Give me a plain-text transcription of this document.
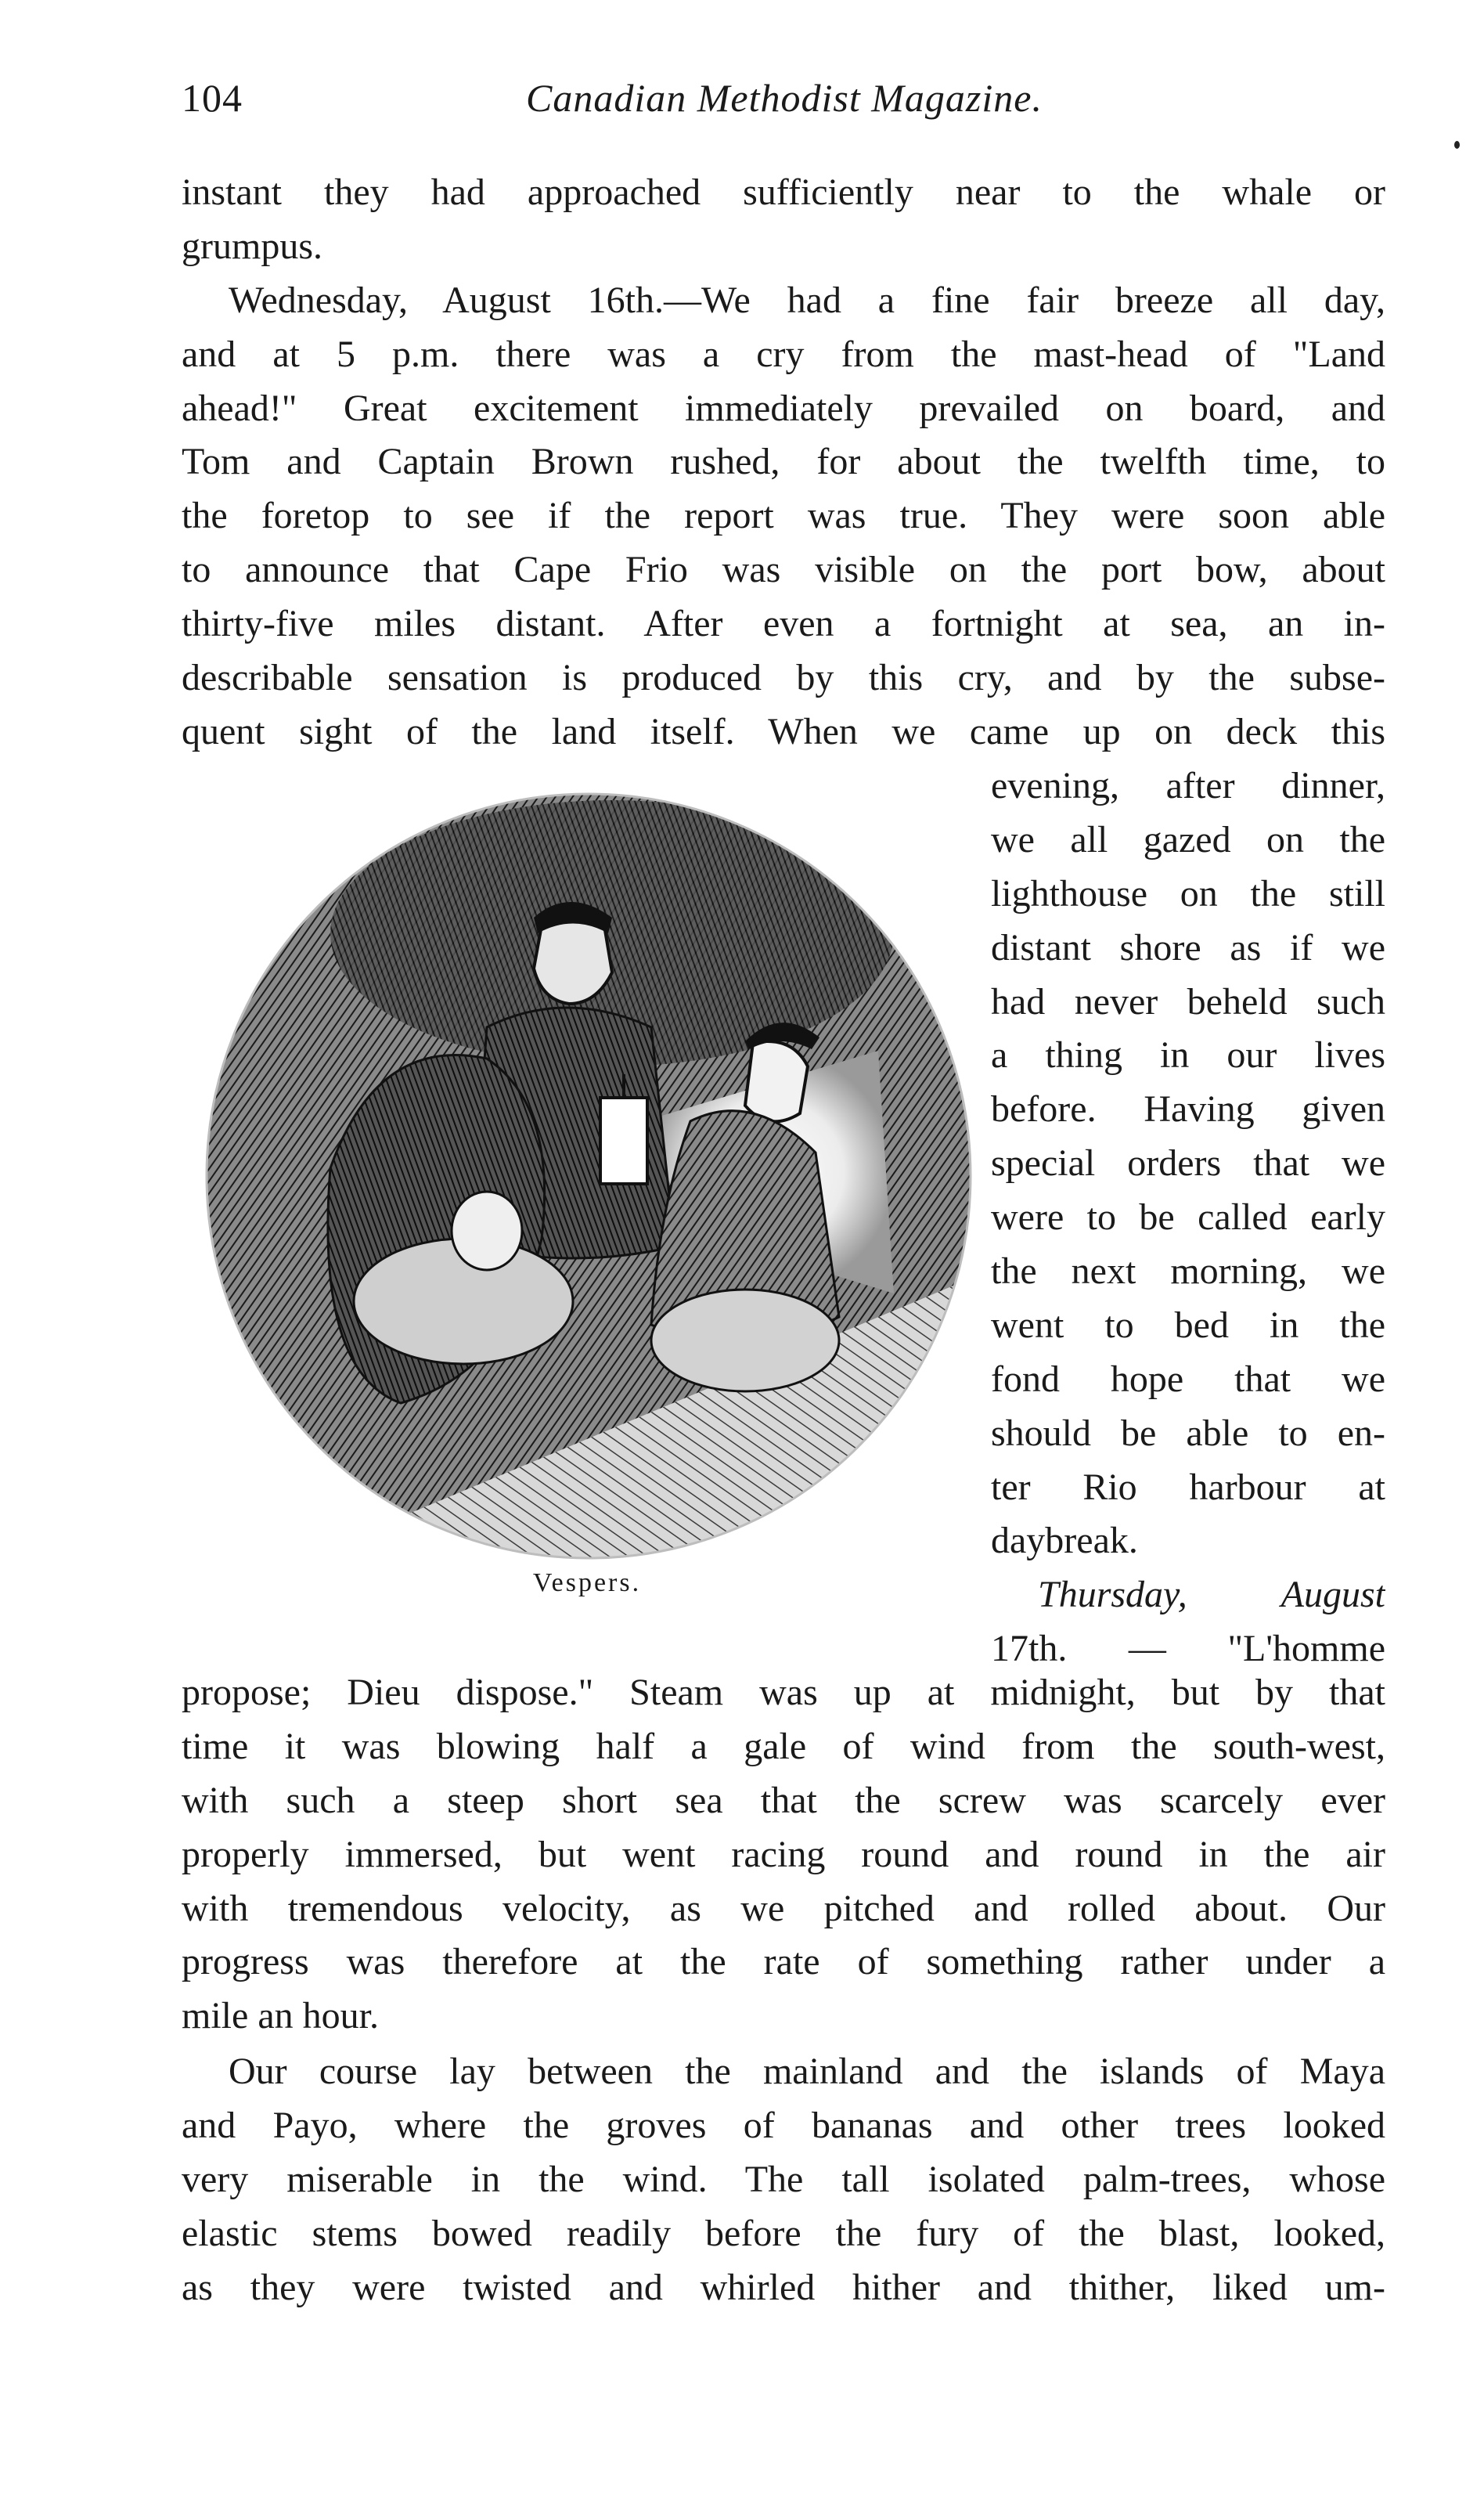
104	Canadian Methodist Magazine.
instant they had approached sufficiently near to the whale or
grumpus.
Wednesday, August 16th.—We had a fine fair breeze all day,
and at 5 p.m. there was a cry from the mast-head of "Land
ahead!" Great excitement immediately prevailed on board, and
Tom and Captain Brown rushed, for about the twelfth time, to
the foretop to see if the report was true. They were soon able
to announce that Cape Frio was visible on the port bow, about
thirty-five miles distant. After even a fortnight at sea, an in-
describable sensation is produced by this cry, and by the subse-
quent sight of the land itself. When we came up on deck this
Vespers.
evening, after dinner,
we all gazed on the
lighthouse on the still
distant shore as if we
had never beheld such
a thing in our lives
before. Having given
special orders that we
were to be called early
the next morning, we
went to bed in the
fond hope that we
should be able to en-
ter Rio harbour at
daybreak.
Thursday, August
17th. — "L'homme
propose; Dieu dispose." Steam was up at midnight, but by that
time it was blowing half a gale of wind from the south-west,
with such a steep short sea that the screw was scarcely ever
properly immersed, but went racing round and round in the air
with tremendous velocity, as we pitched and rolled about. Our
progress was therefore at the rate of something rather under a
mile an hour.
Our course lay between the mainland and the islands of Maya
and Payo, where the groves of bananas and other trees looked
very miserable in the wind. The tall isolated palm-trees, whose
elastic stems bowed readily before the fury of the blast, looked,
as they were twisted and whirled hither and thither, liked um-
